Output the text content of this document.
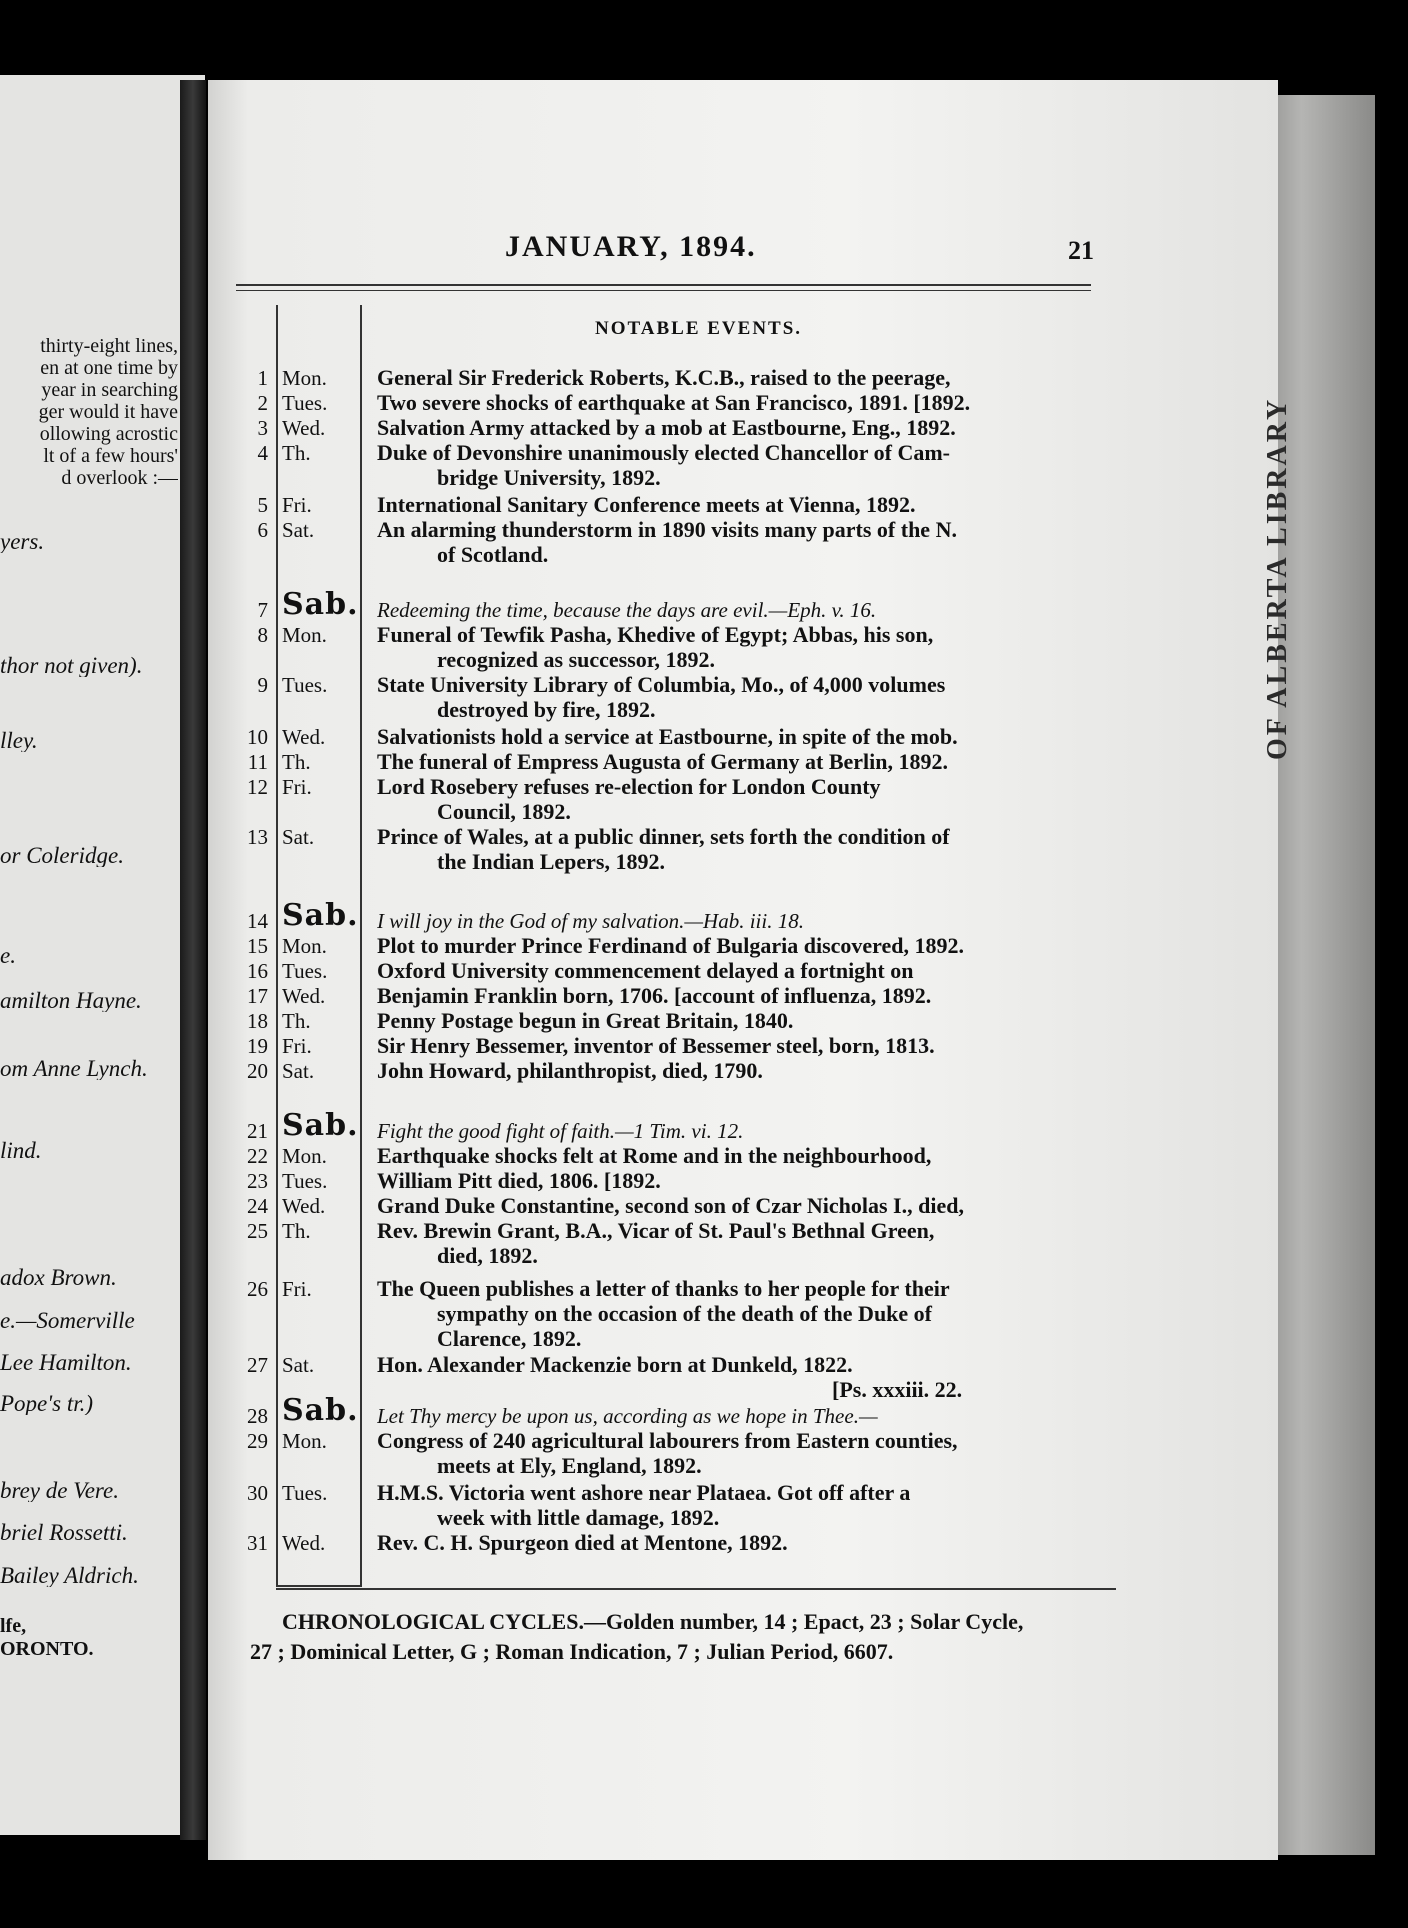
thirty-eight lines,
en at one time by
year in searching
ger would it have
ollowing acrostic
lt of a few hours'
d overlook :—
yers.
thor not given).
lley.
or Coleridge.
e.
amilton Hayne.
om Anne Lynch.
lind.
adox Brown.
e.—Somerville
Lee Hamilton.
Pope's tr.)
brey de Vere.
briel Rossetti.
Bailey Aldrich.
lfe,
ORONTO.
OF ALBERTA LIBRARY
JANUARY, 1894.	21
NOTABLE EVENTS.
1 Mon.	General Sir Frederick Roberts, K.C.B., raised to the peerage,
2 Tues.	Two severe shocks of earthquake at San Francisco, 1891. [1892.
3 Wed.	Salvation Army attacked by a mob at Eastbourne, Eng., 1892.
4 Th.	Duke of Devonshire unanimously elected Chancellor of Cam-
bridge University, 1892.
5 Fri.	International Sanitary Conference meets at Vienna, 1892.
6 Sat.	An alarming thunderstorm in 1890 visits many parts of the N.
of Scotland.
7 Sab. Redeeming the time, because the days are evil.—Eph. v. 16.
8 Mon.	Funeral of Tewfik Pasha, Khedive of Egypt; Abbas, his son,
recognized as successor, 1892.
9 Tues.	State University Library of Columbia, Mo., of 4,000 volumes
destroyed by fire, 1892.
10 Wed.	Salvationists hold a service at Eastbourne, in spite of the mob.
11 Th.	The funeral of Empress Augusta of Germany at Berlin, 1892.
12 Fri.	Lord Rosebery refuses re-election for London County
Council, 1892.
13 Sat.	Prince of Wales, at a public dinner, sets forth the condition of
the Indian Lepers, 1892.
14 Sab. I will joy in the God of my salvation.—Hab. iii. 18.
15 Mon.	Plot to murder Prince Ferdinand of Bulgaria discovered, 1892.
16 Tues.	Oxford University commencement delayed a fortnight on
17 Wed.	Benjamin Franklin born, 1706. [account of influenza, 1892.
18 Th.	Penny Postage begun in Great Britain, 1840.
19 Fri.	Sir Henry Bessemer, inventor of Bessemer steel, born, 1813.
20 Sat.	John Howard, philanthropist, died, 1790.
21 Sab. Fight the good fight of faith.—1 Tim. vi. 12.
22 Mon.	Earthquake shocks felt at Rome and in the neighbourhood,
23 Tues.	William Pitt died, 1806. [1892.
24 Wed.	Grand Duke Constantine, second son of Czar Nicholas I., died,
25 Th.	Rev. Brewin Grant, B.A., Vicar of St. Paul's Bethnal Green,
died, 1892.
26 Fri.	The Queen publishes a letter of thanks to her people for their
sympathy on the occasion of the death of the Duke of
Clarence, 1892.
27 Sat.	Hon. Alexander Mackenzie born at Dunkeld, 1822.
[Ps. xxxiii. 22.
28 Sab. Let Thy mercy be upon us, according as we hope in Thee.—
29 Mon.	Congress of 240 agricultural labourers from Eastern counties,
meets at Ely, England, 1892.
30 Tues.	H.M.S. Victoria went ashore near Plataea. Got off after a
week with little damage, 1892.
31 Wed.	Rev. C. H. Spurgeon died at Mentone, 1892.
CHRONOLOGICAL CYCLES.—Golden number, 14 ; Epact, 23 ; Solar Cycle,
27 ; Dominical Letter, G ; Roman Indication, 7 ; Julian Period, 6607.
